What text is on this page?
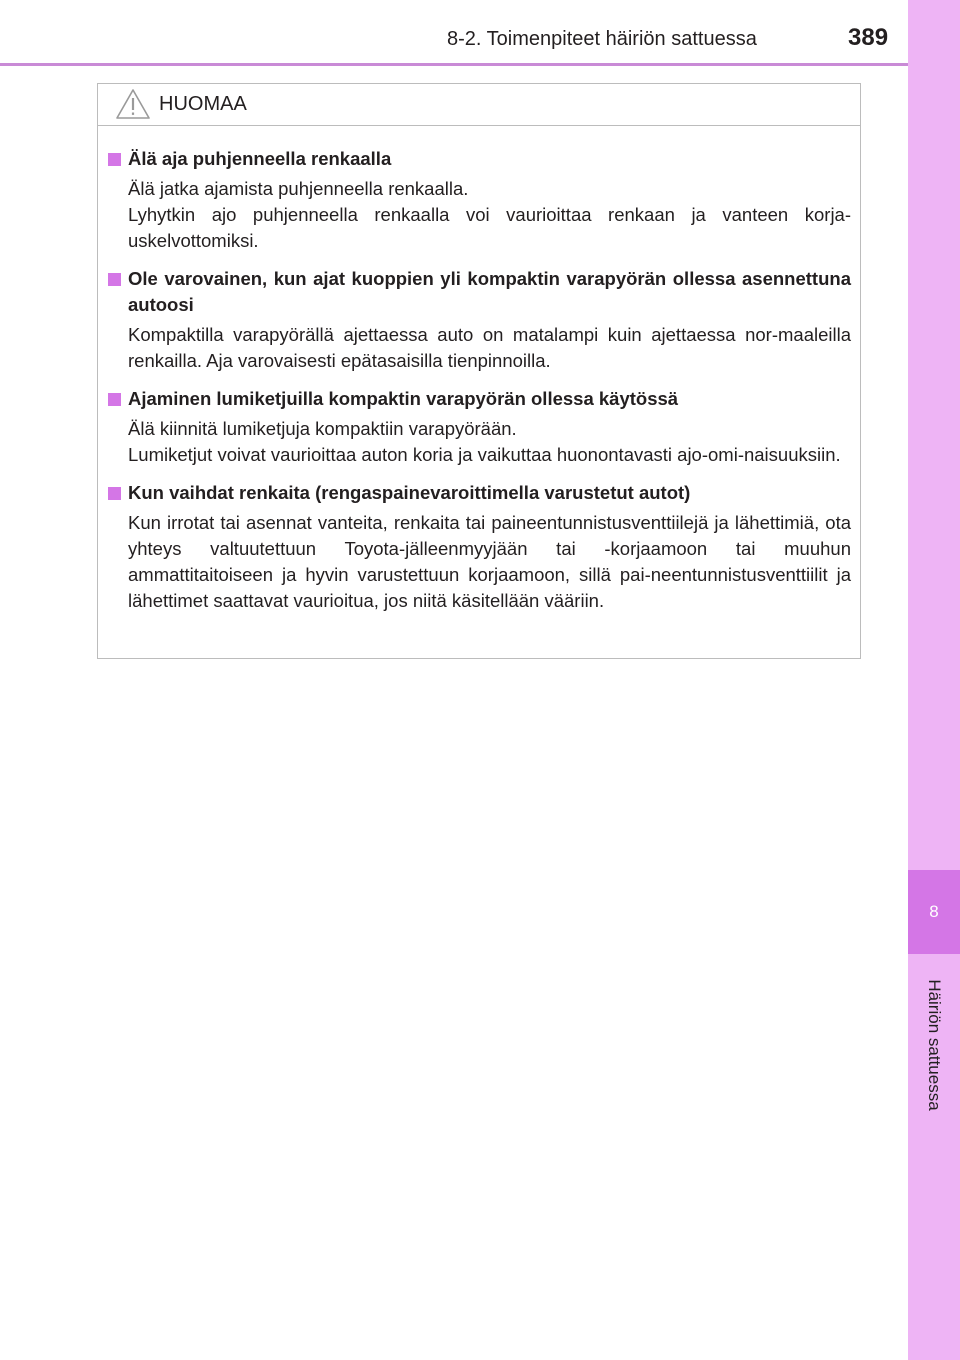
8-2. Toimenpiteet häiriön sattuessa	389
8
Häiriön sattuessa
HUOMAA
Älä aja puhjenneella renkaalla

Älä jatka ajamista puhjenneella renkaalla.

Lyhytkin ajo puhjenneella renkaalla voi vaurioittaa renkaan ja vanteen korja-uskelvottomiksi.

Ole varovainen, kun ajat kuoppien yli kompaktin varapyörän ollessa asennettuna autoosi

Kompaktilla varapyörällä ajettaessa auto on matalampi kuin ajettaessa nor-maaleilla renkailla. Aja varovaisesti epätasaisilla tienpinnoilla.

Ajaminen lumiketjuilla kompaktin varapyörän ollessa käytössä

Älä kiinnitä lumiketjuja kompaktiin varapyörään.

Lumiketjut voivat vaurioittaa auton koria ja vaikuttaa huonontavasti ajo-omi-naisuuksiin.

Kun vaihdat renkaita (rengaspainevaroittimella varustetut autot)

Kun irrotat tai asennat vanteita, renkaita tai paineentunnistusventtiilejä ja lähettimiä, ota yhteys valtuutettuun Toyota-jälleenmyyjään tai -korjaamoon tai muuhun ammattitaitoiseen ja hyvin varustettuun korjaamoon, sillä pai-neentunnistusventtiilit ja lähettimet saattavat vaurioitua, jos niitä käsitellään vääriin.
